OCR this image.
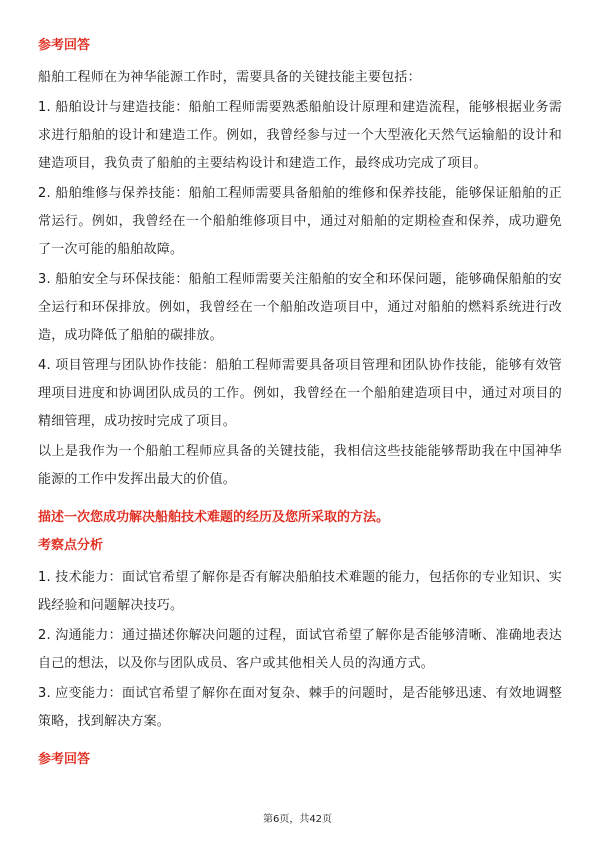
参考回答

船舶工程师在为神华能源工作时，需要具备的关键技能主要包括：

1. 船舶设计与建造技能：船舶工程师需要熟悉船舶设计原理和建造流程，能够根据业务需求进行船舶的设计和建造工作。例如，我曾经参与过一个大型液化天然气运输船的设计和建造项目，我负责了船舶的主要结构设计和建造工作，最终成功完成了项目。

2. 船舶维修与保养技能：船舶工程师需要具备船舶的维修和保养技能，能够保证船舶的正常运行。例如，我曾经在一个船舶维修项目中，通过对船舶的定期检查和保养，成功避免了一次可能的船舶故障。

3. 船舶安全与环保技能：船舶工程师需要关注船舶的安全和环保问题，能够确保船舶的安全运行和环保排放。例如，我曾经在一个船舶改造项目中，通过对船舶的燃料系统进行改造，成功降低了船舶的碳排放。

4. 项目管理与团队协作技能：船舶工程师需要具备项目管理和团队协作技能，能够有效管理项目进度和协调团队成员的工作。例如，我曾经在一个船舶建造项目中，通过对项目的精细管理，成功按时完成了项目。

以上是我作为一个船舶工程师应具备的关键技能，我相信这些技能能够帮助我在中国神华能源的工作中发挥出最大的价值。

描述一次您成功解决船舶技术难题的经历及您所采取的方法。
考察点分析

1. 技术能力：面试官希望了解你是否有解决船舶技术难题的能力，包括你的专业知识、实践经验和问题解决技巧。

2. 沟通能力：通过描述你解决问题的过程，面试官希望了解你是否能够清晰、准确地表达自己的想法，以及你与团队成员、客户或其他相关人员的沟通方式。

3. 应变能力：面试官希望了解你在面对复杂、棘手的问题时，是否能够迅速、有效地调整策略，找到解决方案。

参考回答
第6页，共42页
